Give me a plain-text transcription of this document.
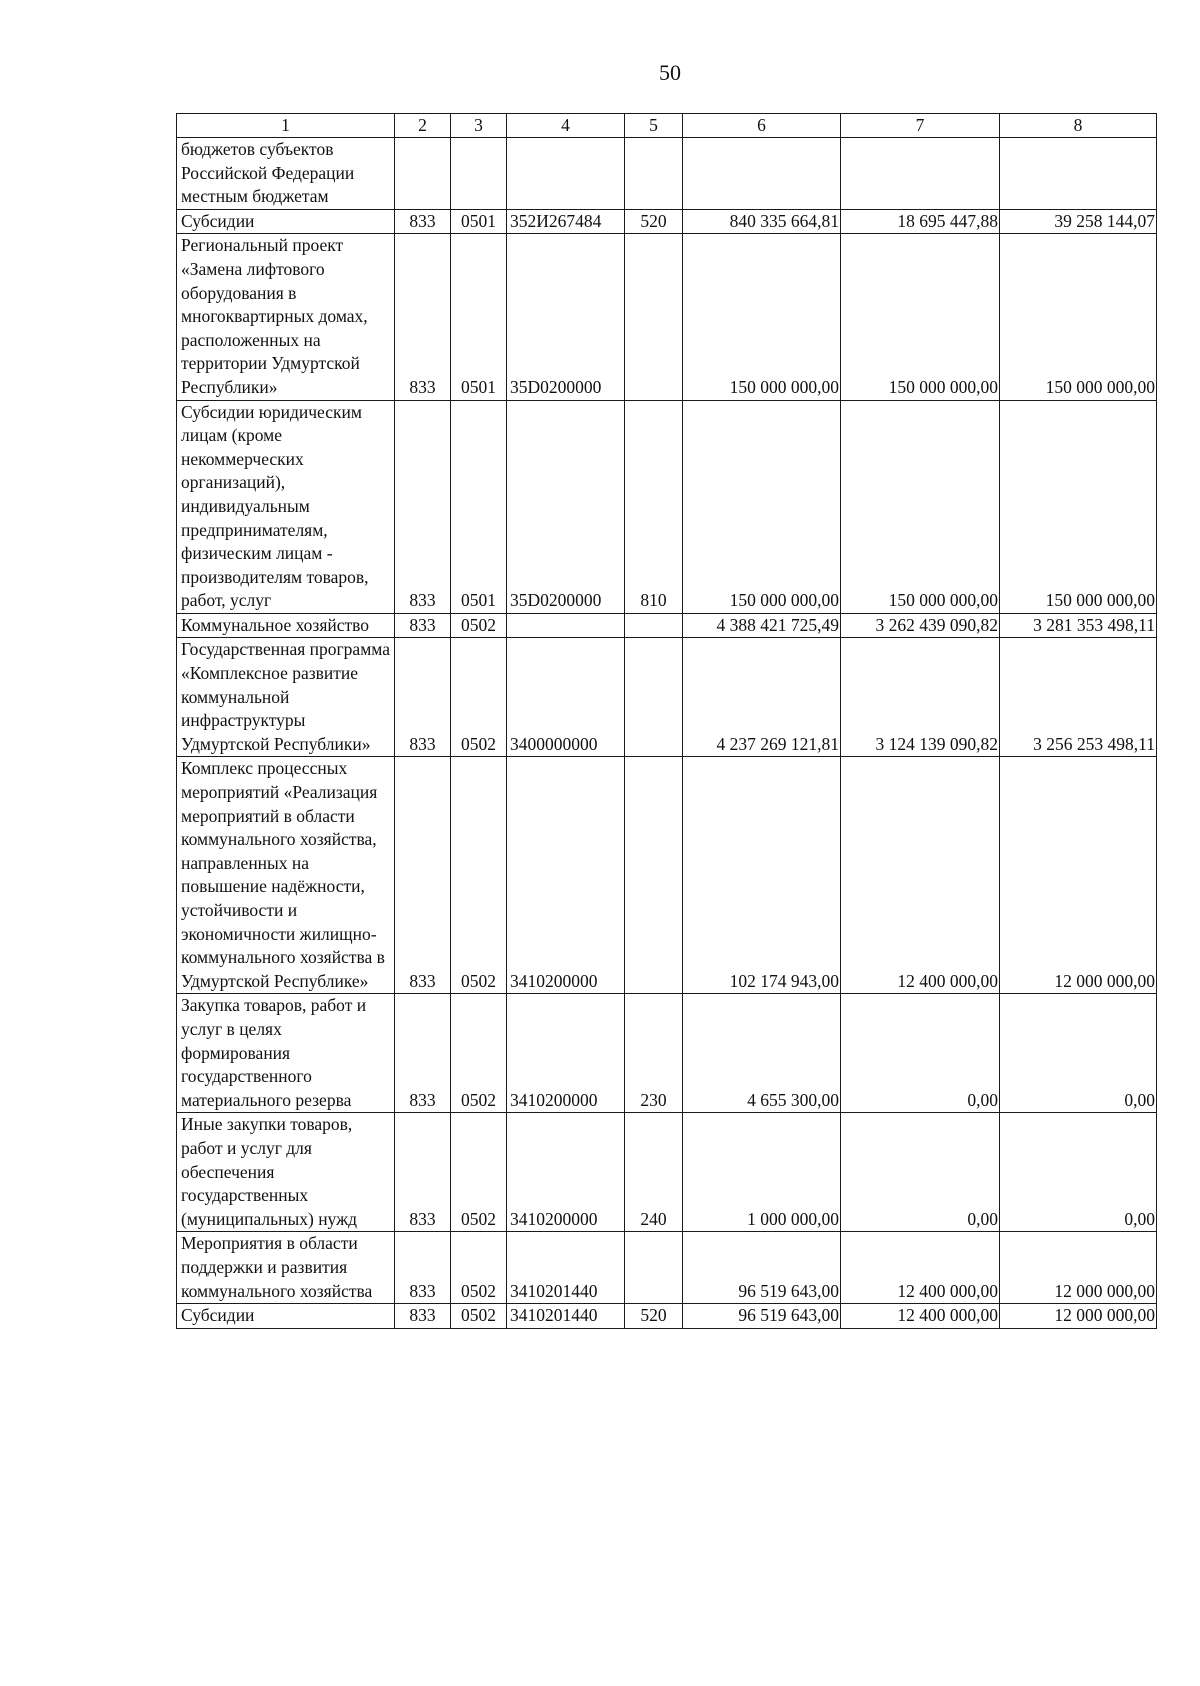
50
1	2	3	4	5	6	7	8
бюджетов субъектов Российской Федерации местным бюджетам							
Субсидии	833	0501	352И267484	520	840 335 664,81	18 695 447,88	39 258 144,07
Региональный проект «Замена лифтового оборудования в многоквартирных домах, расположенных на территории Удмуртской Республики»	833	0501	35D0200000		150 000 000,00	150 000 000,00	150 000 000,00
Субсидии юридическим лицам (кроме некоммерческих организаций), индивидуальным предпринимателям, физическим лицам - производителям товаров, работ, услуг	833	0501	35D0200000	810	150 000 000,00	150 000 000,00	150 000 000,00
Коммунальное хозяйство	833	0502			4 388 421 725,49	3 262 439 090,82	3 281 353 498,11
Государственная программа «Комплексное развитие коммунальной инфраструктуры Удмуртской Республики»	833	0502	3400000000		4 237 269 121,81	3 124 139 090,82	3 256 253 498,11
Комплекс процессных мероприятий «Реализация мероприятий в области коммунального хозяйства, направленных на повышение надёжности, устойчивости и экономичности жилищно-коммунального хозяйства в Удмуртской Республике»	833	0502	3410200000		102 174 943,00	12 400 000,00	12 000 000,00
Закупка товаров, работ и услуг в целях формирования государственного материального резерва	833	0502	3410200000	230	4 655 300,00	0,00	0,00
Иные закупки товаров, работ и услуг для обеспечения государственных (муниципальных) нужд	833	0502	3410200000	240	1 000 000,00	0,00	0,00
Мероприятия в области поддержки и развития коммунального хозяйства	833	0502	3410201440		96 519 643,00	12 400 000,00	12 000 000,00
Субсидии	833	0502	3410201440	520	96 519 643,00	12 400 000,00	12 000 000,00
